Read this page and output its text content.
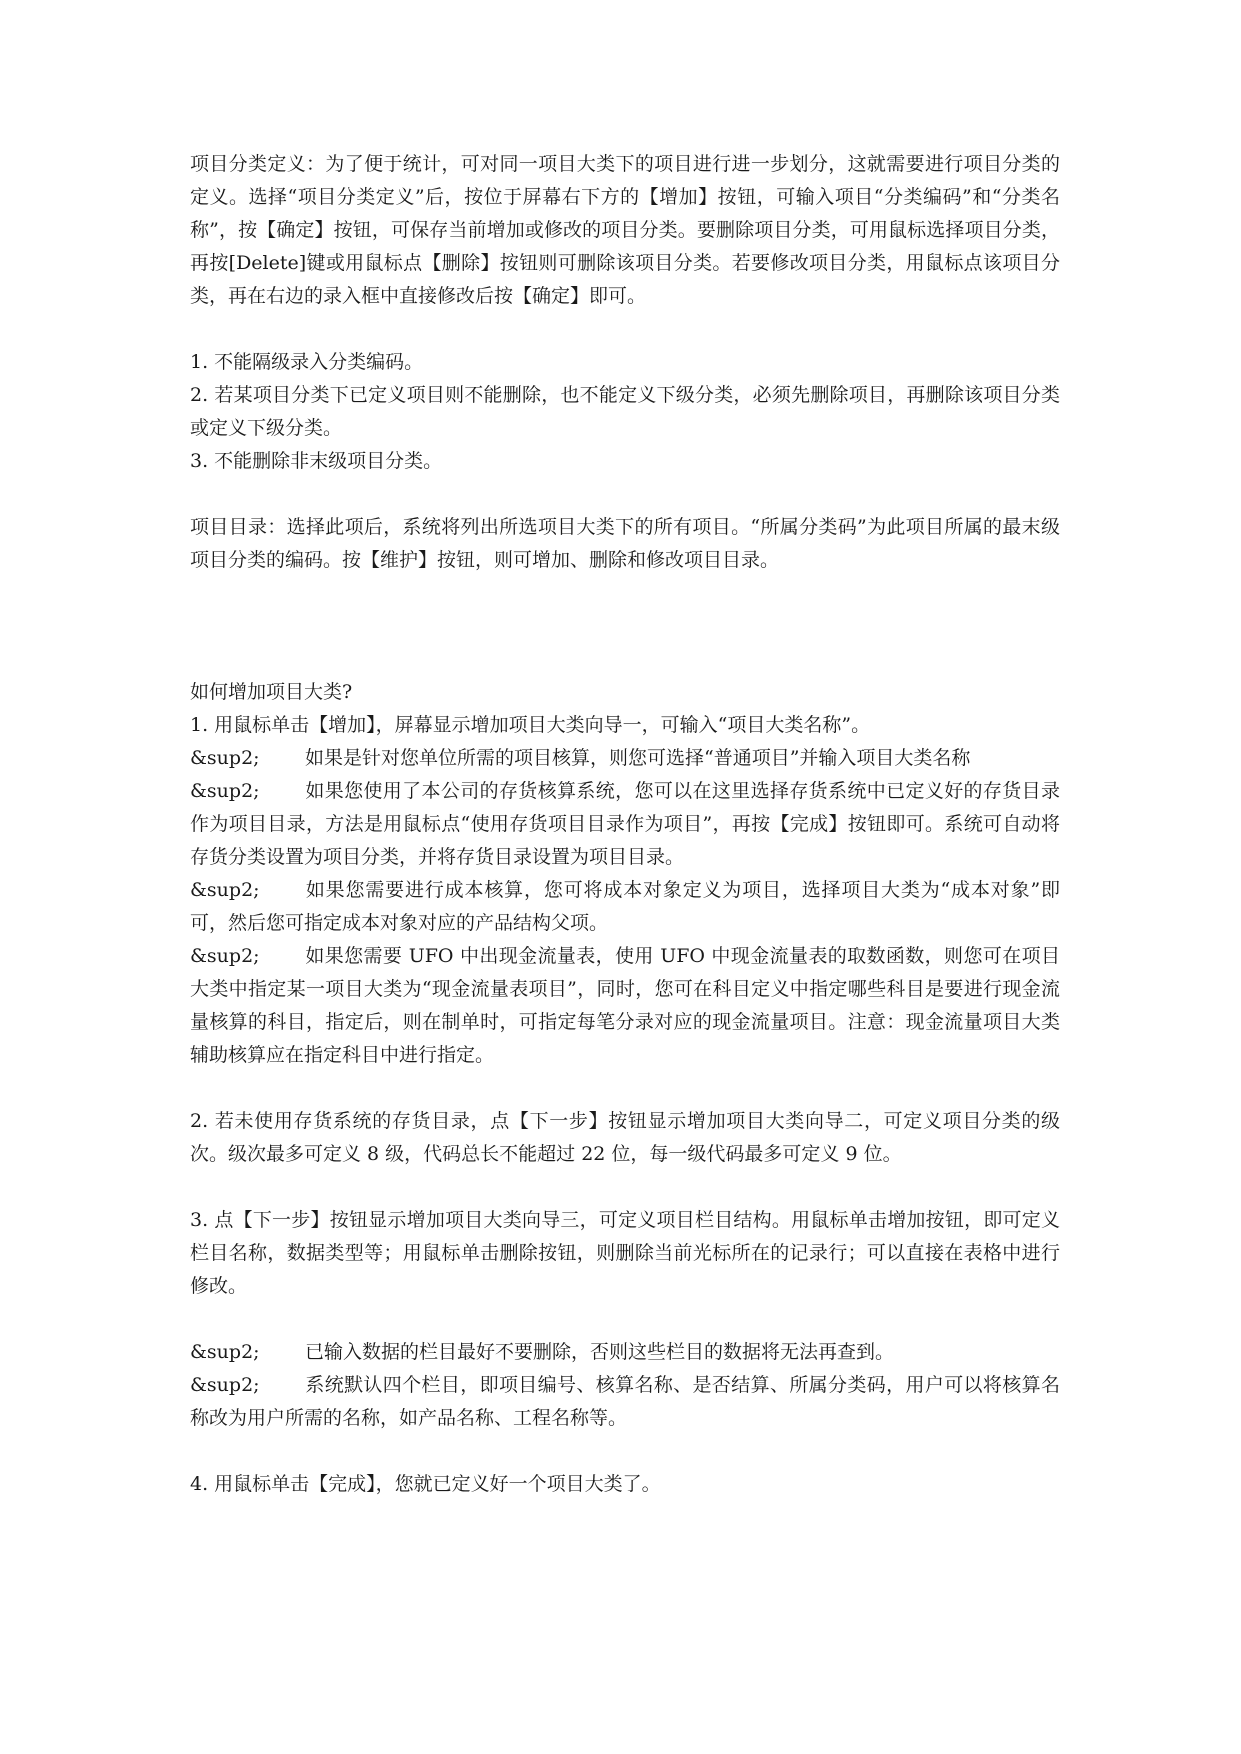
项目分类定义：为了便于统计，可对同一项目大类下的项目进行进一步划分，这就需要进行项目分类的定义。选择“项目分类定义”后，按位于屏幕右下方的【增加】按钮，可输入项目“分类编码”和“分类名称”，按【确定】按钮，可保存当前增加或修改的项目分类。要删除项目分类，可用鼠标选择项目分类，再按[Delete]键或用鼠标点【删除】按钮则可删除该项目分类。若要修改项目分类，用鼠标点该项目分类，再在右边的录入框中直接修改后按【确定】即可。

1. 不能隔级录入分类编码。

2. 若某项目分类下已定义项目则不能删除，也不能定义下级分类，必须先删除项目，再删除该项目分类或定义下级分类。

3. 不能删除非末级项目分类。

项目目录：选择此项后，系统将列出所选项目大类下的所有项目。“所属分类码”为此项目所属的最末级项目分类的编码。按【维护】按钮，则可增加、删除和修改项目目录。

如何增加项目大类?

1. 用鼠标单击【增加】，屏幕显示增加项目大类向导一，可输入“项目大类名称”。

&sup2; 如果是针对您单位所需的项目核算，则您可选择“普通项目”并输入项目大类名称

&sup2; 如果您使用了本公司的存货核算系统，您可以在这里选择存货系统中已定义好的存货目录作为项目目录，方法是用鼠标点“使用存货项目目录作为项目”，再按【完成】按钮即可。系统可自动将存货分类设置为项目分类，并将存货目录设置为项目目录。

&sup2; 如果您需要进行成本核算，您可将成本对象定义为项目，选择项目大类为“成本对象”即可，然后您可指定成本对象对应的产品结构父项。

&sup2; 如果您需要 UFO 中出现金流量表，使用 UFO 中现金流量表的取数函数，则您可在项目大类中指定某一项目大类为“现金流量表项目”，同时，您可在科目定义中指定哪些科目是要进行现金流量核算的科目，指定后，则在制单时，可指定每笔分录对应的现金流量项目。注意：现金流量项目大类辅助核算应在指定科目中进行指定。

2. 若未使用存货系统的存货目录，点【下一步】按钮显示增加项目大类向导二，可定义项目分类的级次。级次最多可定义 8 级，代码总长不能超过 22 位，每一级代码最多可定义 9 位。

3. 点【下一步】按钮显示增加项目大类向导三，可定义项目栏目结构。用鼠标单击增加按钮，即可定义栏目名称，数据类型等；用鼠标单击删除按钮，则删除当前光标所在的记录行；可以直接在表格中进行修改。

&sup2; 已输入数据的栏目最好不要删除，否则这些栏目的数据将无法再查到。

&sup2; 系统默认四个栏目，即项目编号、核算名称、是否结算、所属分类码，用户可以将核算名称改为用户所需的名称，如产品名称、工程名称等。

4. 用鼠标单击【完成】，您就已定义好一个项目大类了。
